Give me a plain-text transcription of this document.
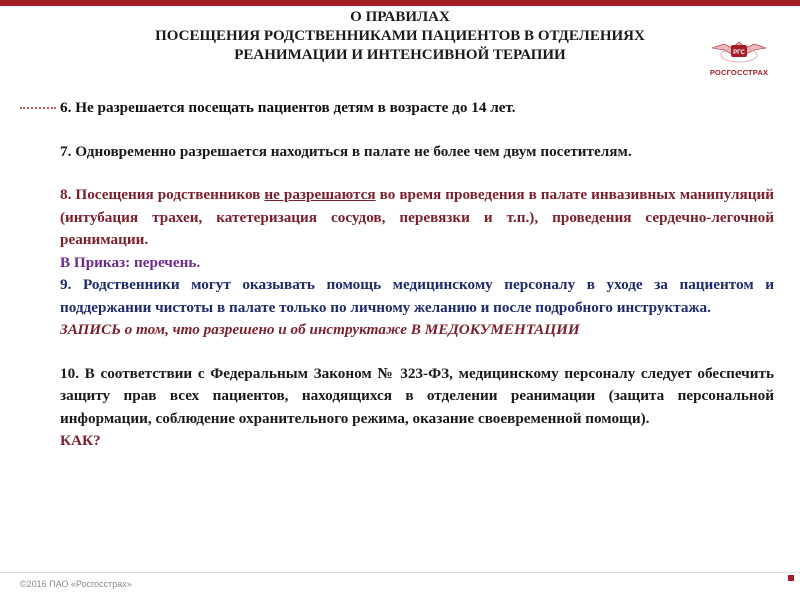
О ПРАВИЛАХ
ПОСЕЩЕНИЯ РОДСТВЕННИКАМИ ПАЦИЕНТОВ В ОТДЕЛЕНИЯХ
РЕАНИМАЦИИ И ИНТЕНСИВНОЙ ТЕРАПИИ	РГС
РОСГОССТРАХ

6. Не разрешается посещать пациентов детям в возрасте до 14 лет.

7. Одновременно разрешается находиться в палате не более чем двум посетителям.

8. Посещения родственников не разрешаются во время проведения в палате инвазивных манипуляций (интубация трахеи, катетеризация сосудов, перевязки и т.п.), проведения сердечно-легочной реанимации.

В Приказ: перечень.

9. Родственники могут оказывать помощь медицинскому персоналу в уходе за пациентом и поддержании чистоты в палате только по личному желанию и после подробного инструктажа.

ЗАПИСЬ о том, что разрешено и об инструктаже В МЕДОКУМЕНТАЦИИ

10. В соответствии с Федеральным Законом № 323-ФЗ, медицинскому персоналу следует обеспечить защиту прав всех пациентов, находящихся в отделении реанимации (защита персональной информации, соблюдение охранительного режима, оказание своевременной помощи).

КАК?

©2016 ПАО «Росгосстрах»
